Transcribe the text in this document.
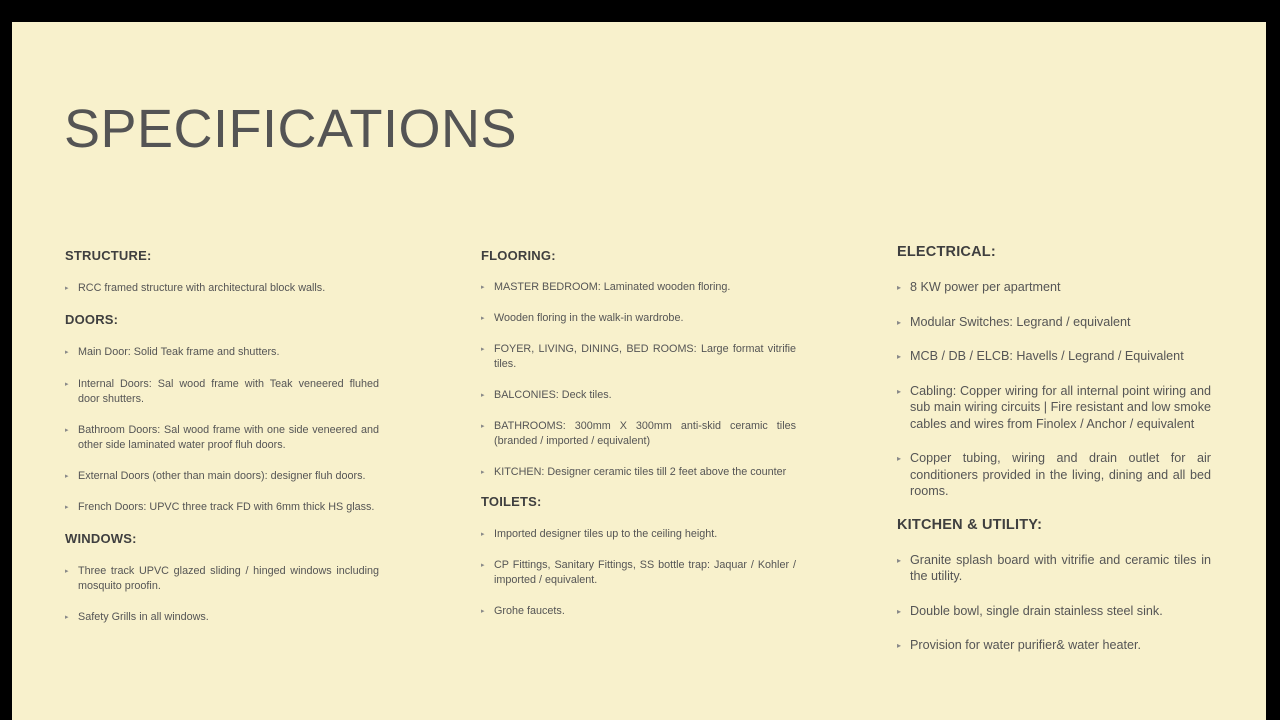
SPECIFICATIONS
STRUCTURE:
▸ RCC framed structure with architectural block walls.
DOORS:
▸ Main Door: Solid Teak frame and shutters.
▸ Internal Doors: Sal wood frame with Teak veneered fluhed door shutters.
▸ Bathroom Doors: Sal wood frame with one side veneered and other side laminated water proof fluh doors.
▸ External Doors (other than main doors): designer fluh doors.
▸ French Doors: UPVC three track FD with 6mm thick HS glass.
WINDOWS:
▸ Three track UPVC glazed sliding / hinged windows including mosquito proofin.
▸ Safety Grills in all windows.
FLOORING:
▸ MASTER BEDROOM: Laminated wooden floring.
▸ Wooden floring in the walk-in wardrobe.
▸ FOYER, LIVING, DINING, BED ROOMS: Large format vitrifie tiles.
▸ BALCONIES: Deck tiles.
▸ BATHROOMS: 300mm X 300mm anti-skid ceramic tiles (branded / imported / equivalent)
▸ KITCHEN: Designer ceramic tiles till 2 feet above the counter
TOILETS:
▸ Imported designer tiles up to the ceiling height.
▸ CP Fittings, Sanitary Fittings, SS bottle trap: Jaquar / Kohler / imported / equivalent.
▸ Grohe faucets.
ELECTRICAL:
▸ 8 KW power per apartment
▸ Modular Switches: Legrand / equivalent
▸ MCB / DB / ELCB: Havells / Legrand / Equivalent
▸ Cabling: Copper wiring for all internal point wiring and sub main wiring circuits | Fire resistant and low smoke cables and wires from Finolex / Anchor / equivalent
▸ Copper tubing, wiring and drain outlet for air conditioners provided in the living, dining and all bed rooms.
KITCHEN & UTILITY:
▸ Granite splash board with vitrifie and ceramic tiles in the utility.
▸ Double bowl, single drain stainless steel sink.
▸ Provision for water purifier& water heater.
